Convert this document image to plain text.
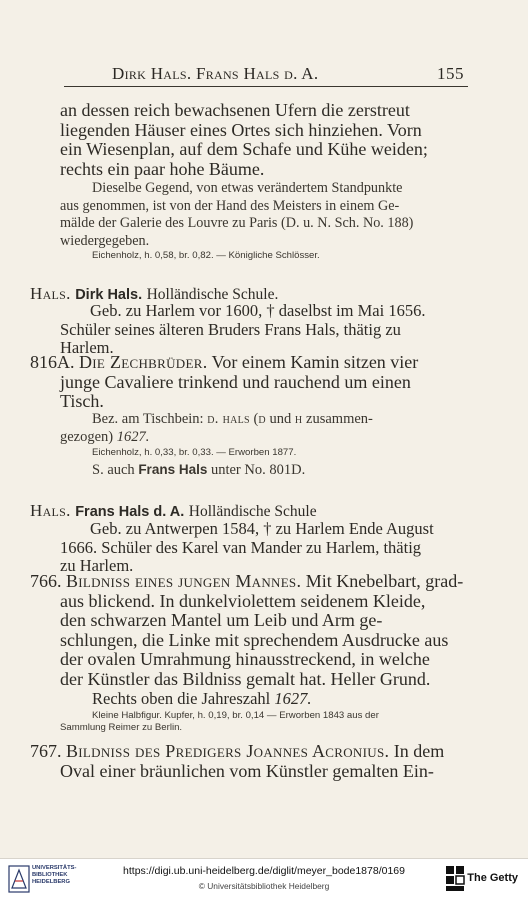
Dirk Hals. Frans Hals d. A.	155
an dessen reich bewachsenen Ufern die zerstreut
liegenden Häuser eines Ortes sich hinziehen. Vorn
ein Wiesenplan, auf dem Schafe und Kühe weiden;
rechts ein paar hohe Bäume.
Dieselbe Gegend, von etwas verändertem Standpunkte
aus genommen, ist von der Hand des Meisters in einem Ge-
mälde der Galerie des Louvre zu Paris (D. u. N. Sch. No. 188)
wiedergegeben.
Eichenholz, h. 0,58, br. 0,82. — Königliche Schlösser.
Hals. Dirk Hals. Holländische Schule.
Geb. zu Harlem vor 1600, † daselbst im Mai 1656.
Schüler seines älteren Bruders Frans Hals, thätig zu
Harlem.
816A. Die Zechbrüder. Vor einem Kamin sitzen vier
junge Cavaliere trinkend und rauchend um einen
Tisch.
Bez. am Tischbein: d. hals (d und h zusammen-
gezogen) 1627.
Eichenholz, h. 0,33, br. 0,33. — Erworben 1877.
S. auch Frans Hals unter No. 801D.
Hals. Frans Hals d. A. Holländische Schule
Geb. zu Antwerpen 1584, † zu Harlem Ende August
1666. Schüler des Karel van Mander zu Harlem, thätig
zu Harlem.
766. Bildniss eines jungen Mannes. Mit Knebelbart, grad-
aus blickend. In dunkelviolettem seidenem Kleide,
den schwarzen Mantel um Leib und Arm ge-
schlungen, die Linke mit sprechendem Ausdrucke aus
der ovalen Umrahmung hinausstreckend, in welche
der Künstler das Bildniss gemalt hat. Heller Grund.
Rechts oben die Jahreszahl 1627.
Kleine Halbfigur. Kupfer, h. 0,19, br. 0,14 — Erworben 1843 aus der
Sammlung Reimer zu Berlin.
767. Bildniss des Predigers Joannes Acronius. In dem
Oval einer bräunlichen vom Künstler gemalten Ein-
UNIVERSITÄTS-
BIBLIOTHEK
HEIDELBERG
https://digi.ub.uni-heidelberg.de/diglit/meyer_bode1878/0169
© Universitätsbibliothek Heidelberg
The Getty
